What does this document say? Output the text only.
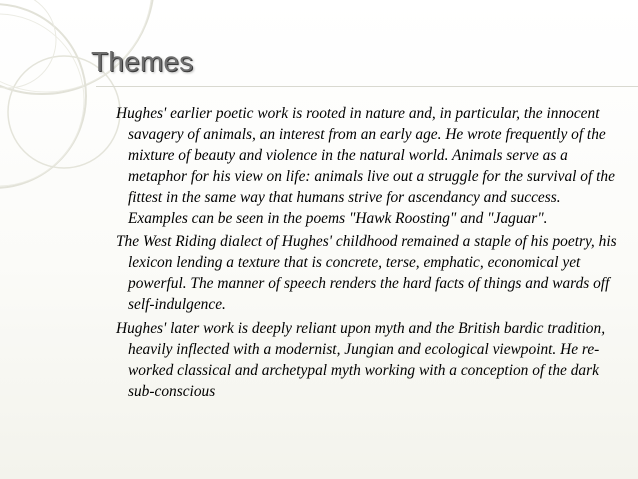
Themes

Hughes' earlier poetic work is rooted in nature and, in particular, the innocent savagery of animals, an interest from an early age. He wrote frequently of the mixture of beauty and violence in the natural world. Animals serve as a metaphor for his view on life: animals live out a struggle for the survival of the fittest in the same way that humans strive for ascendancy and success. Examples can be seen in the poems "Hawk Roosting" and "Jaguar".

The West Riding dialect of Hughes' childhood remained a staple of his poetry, his lexicon lending a texture that is concrete, terse, emphatic, economical yet powerful. The manner of speech renders the hard facts of things and wards off self-indulgence.

Hughes' later work is deeply reliant upon myth and the British bardic tradition, heavily inflected with a modernist, Jungian and ecological viewpoint. He re-worked classical and archetypal myth working with a conception of the dark sub-conscious
